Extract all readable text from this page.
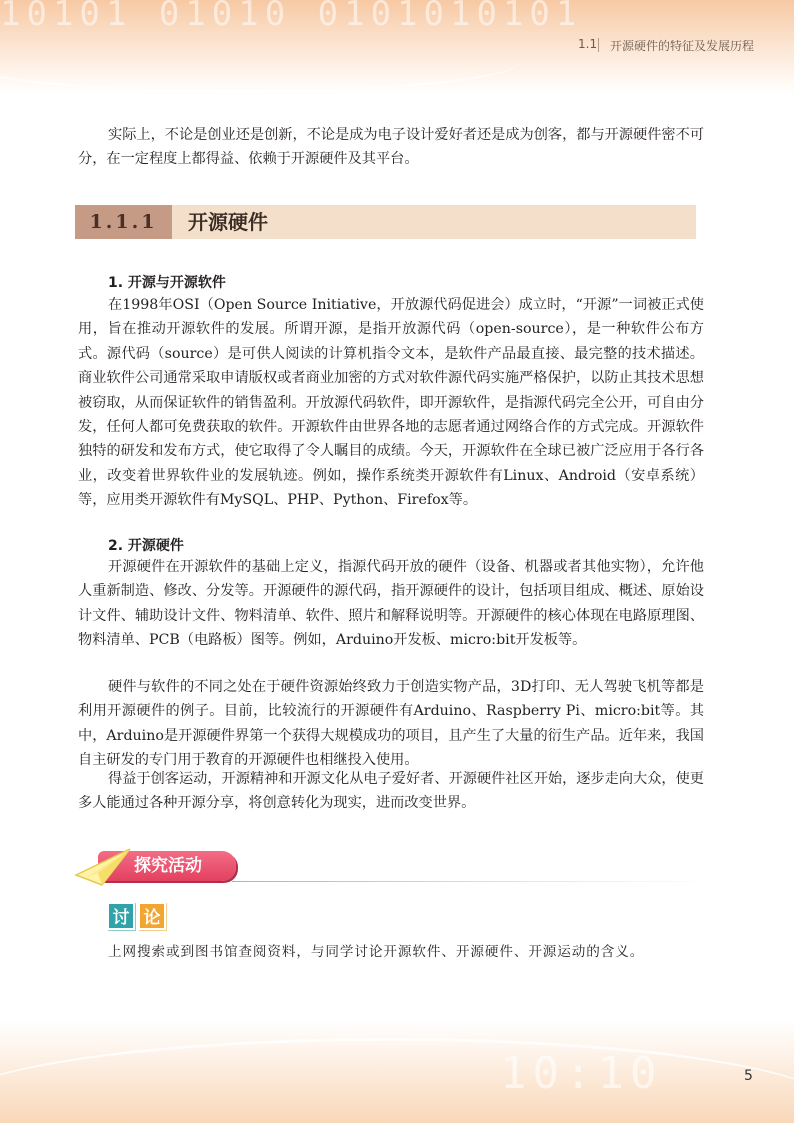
10101 01010 0101010101
1.1 开源硬件的特征及发展历程

实际上，不论是创业还是创新，不论是成为电子设计爱好者还是成为创客，都与开源硬件密不可分，在一定程度上都得益、依赖于开源硬件及其平台。

1.1.1	开源硬件

1. 开源与开源软件

在1998年OSI（Open Source Initiative，开放源代码促进会）成立时，“开源”一词被正式使用，旨在推动开源软件的发展。所谓开源，是指开放源代码（open-source），是一种软件公布方式。源代码（source）是可供人阅读的计算机指令文本，是软件产品最直接、最完整的技术描述。商业软件公司通常采取申请版权或者商业加密的方式对软件源代码实施严格保护，以防止其技术思想被窃取，从而保证软件的销售盈利。开放源代码软件，即开源软件，是指源代码完全公开，可自由分发，任何人都可免费获取的软件。开源软件由世界各地的志愿者通过网络合作的方式完成。开源软件独特的研发和发布方式，使它取得了令人瞩目的成绩。今天，开源软件在全球已被广泛应用于各行各业，改变着世界软件业的发展轨迹。例如，操作系统类开源软件有Linux、Android（安卓系统）等，应用类开源软件有MySQL、PHP、Python、Firefox等。

2. 开源硬件

开源硬件在开源软件的基础上定义，指源代码开放的硬件（设备、机器或者其他实物），允许他人重新制造、修改、分发等。开源硬件的源代码，指开源硬件的设计，包括项目组成、概述、原始设计文件、辅助设计文件、物料清单、软件、照片和解释说明等。开源硬件的核心体现在电路原理图、物料清单、PCB（电路板）图等。例如，Arduino开发板、micro:bit开发板等。

硬件与软件的不同之处在于硬件资源始终致力于创造实物产品，3D打印、无人驾驶飞机等都是利用开源硬件的例子。目前，比较流行的开源硬件有Arduino、Raspberry Pi、micro:bit等。其中，Arduino是开源硬件界第一个获得大规模成功的项目，且产生了大量的衍生产品。近年来，我国自主研发的专门用于教育的开源硬件也相继投入使用。

得益于创客运动，开源精神和开源文化从电子爱好者、开源硬件社区开始，逐步走向大众，使更多人能通过各种开源分享，将创意转化为现实，进而改变世界。

探究活动
讨 论

上网搜索或到图书馆查阅资料，与同学讨论开源软件、开源硬件、开源运动的含义。

10:10	5
